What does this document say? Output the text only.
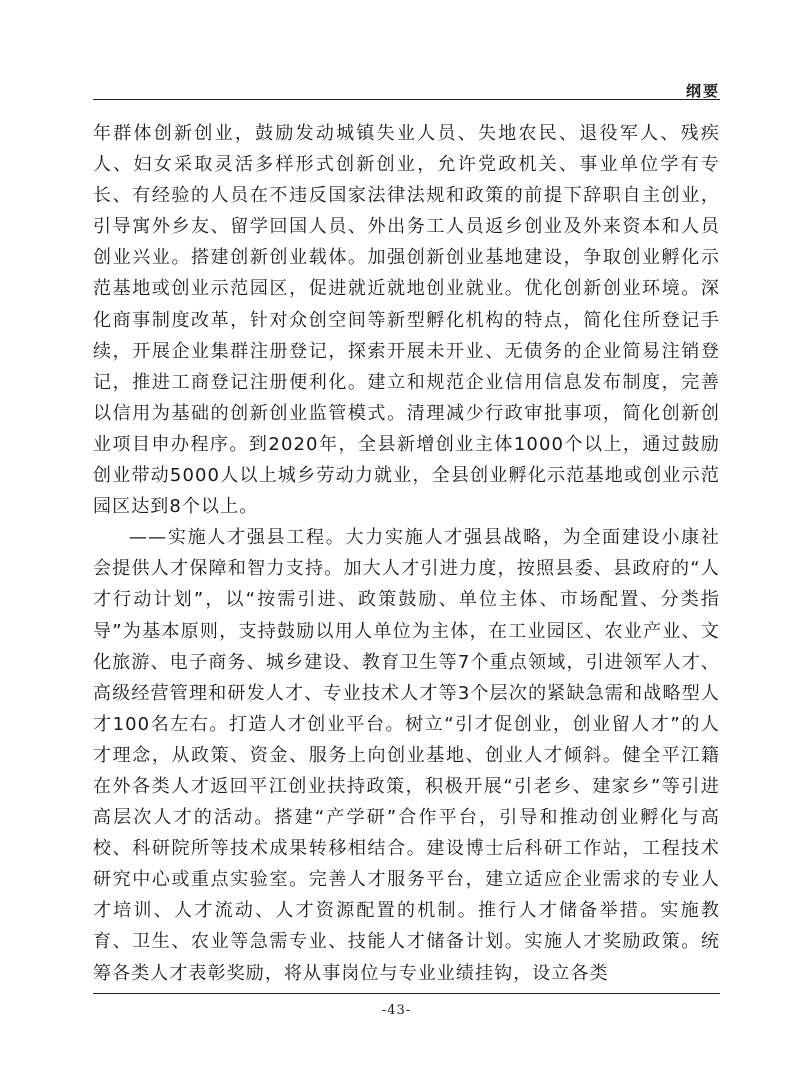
纲要

年群体创新创业，鼓励发动城镇失业人员、失地农民、退役军人、残疾人、妇女采取灵活多样形式创新创业，允许党政机关、事业单位学有专长、有经验的人员在不违反国家法律法规和政策的前提下辞职自主创业，引导寓外乡友、留学回国人员、外出务工人员返乡创业及外来资本和人员创业兴业。搭建创新创业载体。加强创新创业基地建设，争取创业孵化示范基地或创业示范园区，促进就近就地创业就业。优化创新创业环境。深化商事制度改革，针对众创空间等新型孵化机构的特点，简化住所登记手续，开展企业集群注册登记，探索开展未开业、无债务的企业简易注销登记，推进工商登记注册便利化。建立和规范企业信用信息发布制度，完善以信用为基础的创新创业监管模式。清理减少行政审批事项，简化创新创业项目申办程序。到2020年，全县新增创业主体1000个以上，通过鼓励创业带动5000人以上城乡劳动力就业，全县创业孵化示范基地或创业示范园区达到8个以上。

——实施人才强县工程。大力实施人才强县战略，为全面建设小康社会提供人才保障和智力支持。加大人才引进力度，按照县委、县政府的“人才行动计划”，以“按需引进、政策鼓励、单位主体、市场配置、分类指导”为基本原则，支持鼓励以用人单位为主体，在工业园区、农业产业、文化旅游、电子商务、城乡建设、教育卫生等7个重点领域，引进领军人才、高级经营管理和研发人才、专业技术人才等3个层次的紧缺急需和战略型人才100名左右。打造人才创业平台。树立“引才促创业，创业留人才”的人才理念，从政策、资金、服务上向创业基地、创业人才倾斜。健全平江籍在外各类人才返回平江创业扶持政策，积极开展“引老乡、建家乡”等引进高层次人才的活动。搭建“产学研”合作平台，引导和推动创业孵化与高校、科研院所等技术成果转移相结合。建设博士后科研工作站，工程技术研究中心或重点实验室。完善人才服务平台，建立适应企业需求的专业人才培训、人才流动、人才资源配置的机制。推行人才储备举措。实施教育、卫生、农业等急需专业、技能人才储备计划。实施人才奖励政策。统筹各类人才表彰奖励，将从事岗位与专业业绩挂钩，设立各类

-43-
